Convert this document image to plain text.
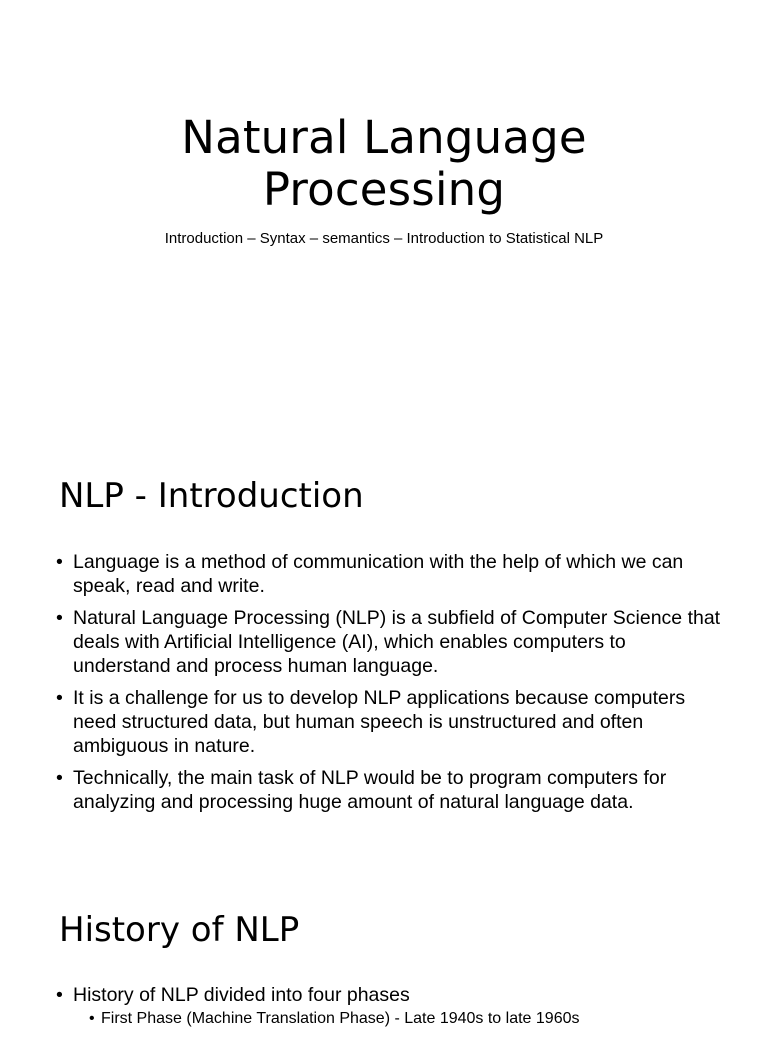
Natural Language Processing
Introduction – Syntax – semantics – Introduction to Statistical NLP
NLP - Introduction
• Language is a method of communication with the help of which we can speak, read and write.
• Natural Language Processing (NLP) is a subfield of Computer Science that deals with Artificial Intelligence (AI), which enables computers to understand and process human language.
• It is a challenge for us to develop NLP applications because computers need structured data, but human speech is unstructured and often ambiguous in nature.
• Technically, the main task of NLP would be to program computers for analyzing and processing huge amount of natural language data.
History of NLP
• History of NLP divided into four phases
• First Phase (Machine Translation Phase) - Late 1940s to late 1960s
